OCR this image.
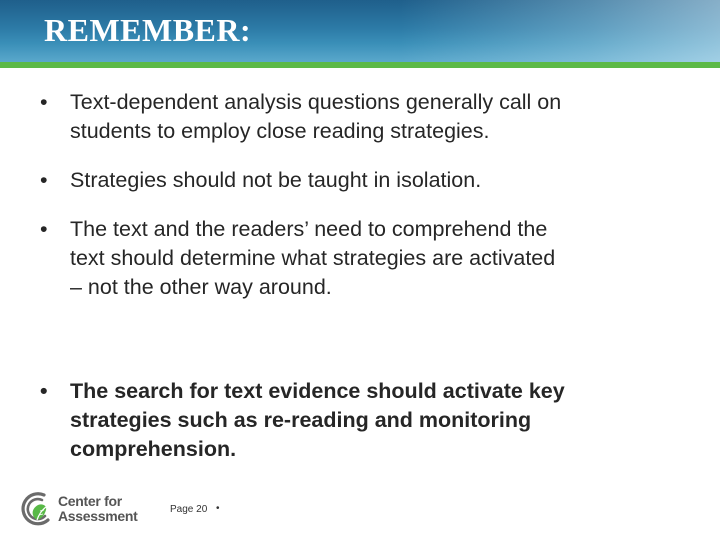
REMEMBER:
• Text-dependent analysis questions generally call on
students to employ close reading strategies.
• Strategies should not be taught in isolation.
• The text and the readers’ need to comprehend the
text should determine what strategies are activated
– not the other way around.
• The search for text evidence should activate key
strategies such as re-reading and monitoring
comprehension.
Center for
Assessment	Page 20 •
